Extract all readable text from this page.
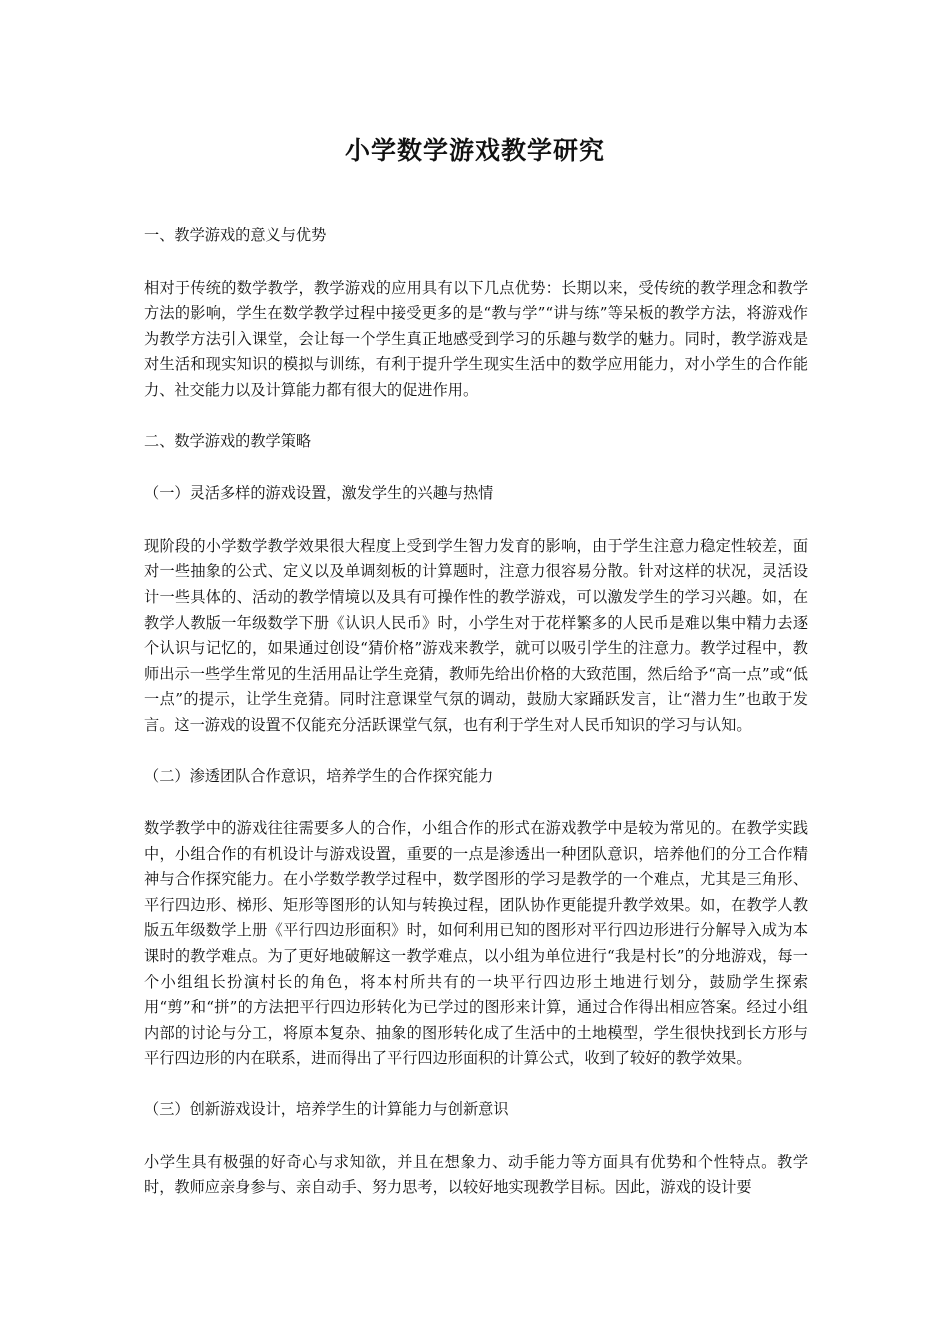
小学数学游戏教学研究
一、教学游戏的意义与优势
相对于传统的数学教学，教学游戏的应用具有以下几点优势：长期以来，受传统的教学理念和教学方法的影响，学生在数学教学过程中接受更多的是“教与学”“讲与练”等呆板的教学方法，将游戏作为教学方法引入课堂，会让每一个学生真正地感受到学习的乐趣与数学的魅力。同时，教学游戏是对生活和现实知识的模拟与训练，有利于提升学生现实生活中的数学应用能力，对小学生的合作能力、社交能力以及计算能力都有很大的促进作用。
二、数学游戏的教学策略
（一）灵活多样的游戏设置，激发学生的兴趣与热情
现阶段的小学数学教学效果很大程度上受到学生智力发育的影响，由于学生注意力稳定性较差，面对一些抽象的公式、定义以及单调刻板的计算题时，注意力很容易分散。针对这样的状况，灵活设计一些具体的、活动的教学情境以及具有可操作性的教学游戏，可以激发学生的学习兴趣。如，在教学人教版一年级数学下册《认识人民币》时，小学生对于花样繁多的人民币是难以集中精力去逐个认识与记忆的，如果通过创设“猜价格”游戏来教学，就可以吸引学生的注意力。教学过程中，教师出示一些学生常见的生活用品让学生竞猜，教师先给出价格的大致范围，然后给予“高一点”或“低一点”的提示，让学生竞猜。同时注意课堂气氛的调动，鼓励大家踊跃发言，让“潜力生”也敢于发言。这一游戏的设置不仅能充分活跃课堂气氛，也有利于学生对人民币知识的学习与认知。
（二）渗透团队合作意识，培养学生的合作探究能力
数学教学中的游戏往往需要多人的合作，小组合作的形式在游戏教学中是较为常见的。在教学实践中，小组合作的有机设计与游戏设置，重要的一点是渗透出一种团队意识，培养他们的分工合作精神与合作探究能力。在小学数学教学过程中，数学图形的学习是教学的一个难点，尤其是三角形、平行四边形、梯形、矩形等图形的认知与转换过程，团队协作更能提升教学效果。如，在教学人教版五年级数学上册《平行四边形面积》时，如何利用已知的图形对平行四边形进行分解导入成为本课时的教学难点。为了更好地破解这一教学难点，以小组为单位进行“我是村长”的分地游戏，每一个小组组长扮演村长的角色，将本村所共有的一块平行四边形土地进行划分，鼓励学生探索用“剪”和“拼”的方法把平行四边形转化为已学过的图形来计算，通过合作得出相应答案。经过小组内部的讨论与分工，将原本复杂、抽象的图形转化成了生活中的土地模型，学生很快找到长方形与平行四边形的内在联系，进而得出了平行四边形面积的计算公式，收到了较好的教学效果。
（三）创新游戏设计，培养学生的计算能力与创新意识
小学生具有极强的好奇心与求知欲，并且在想象力、动手能力等方面具有优势和个性特点。教学时，教师应亲身参与、亲自动手、努力思考，以较好地实现教学目标。因此，游戏的设计要
